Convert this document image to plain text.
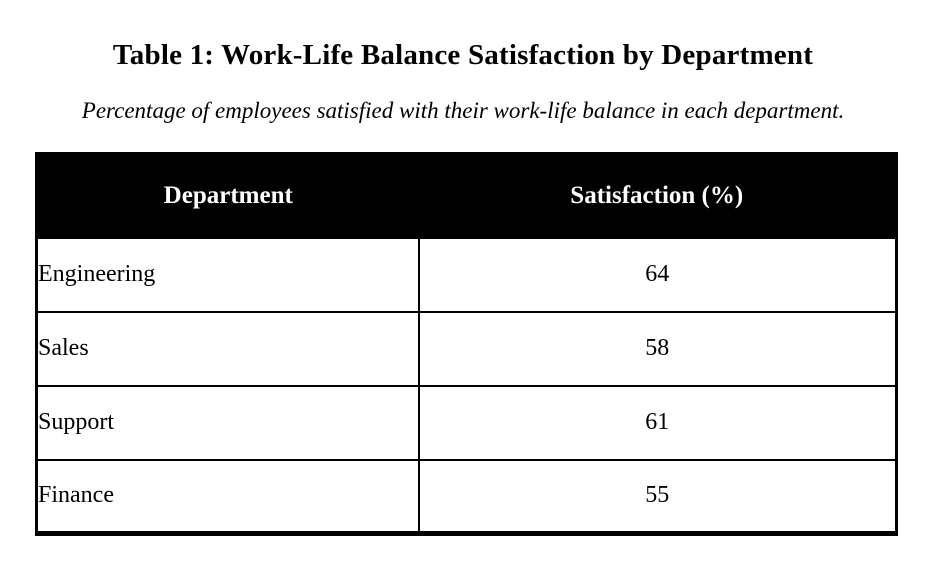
Table 1: Work-Life Balance Satisfaction by Department
Percentage of employees satisfied with their work-life balance in each department.
Department	Satisfaction (%)
Engineering	64
Sales	58
Support	61
Finance	55
